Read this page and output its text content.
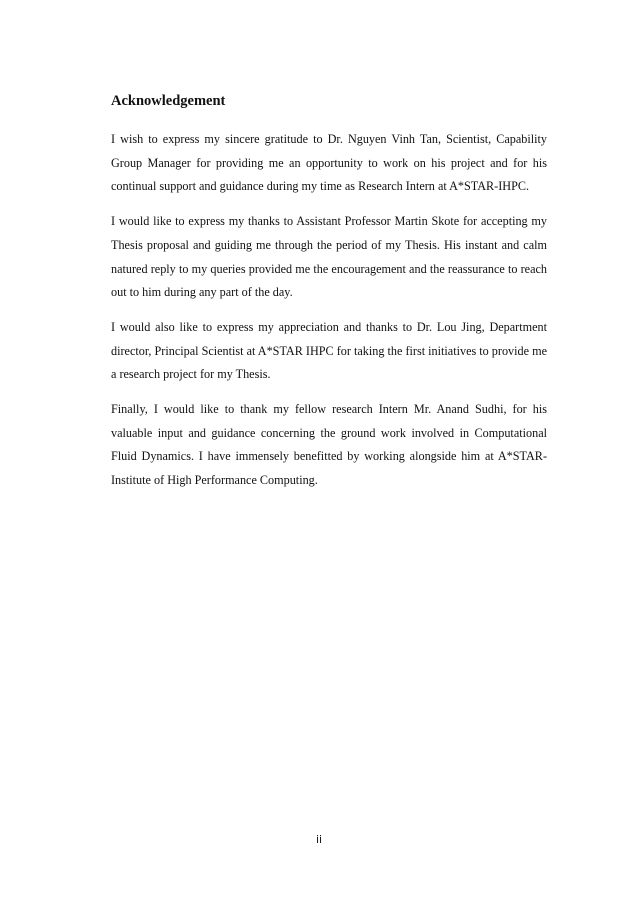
Acknowledgement

I wish to express my sincere gratitude to Dr. Nguyen Vinh Tan, Scientist, Capability Group Manager for providing me an opportunity to work on his project and for his continual support and guidance during my time as Research Intern at A*STAR-IHPC.

I would like to express my thanks to Assistant Professor Martin Skote for accepting my Thesis proposal and guiding me through the period of my Thesis. His instant and calm natured reply to my queries provided me the encouragement and the reassurance to reach out to him during any part of the day.

I would also like to express my appreciation and thanks to Dr. Lou Jing, Department director, Principal Scientist at A*STAR IHPC for taking the first initiatives to provide me a research project for my Thesis.

Finally, I would like to thank my fellow research Intern Mr. Anand Sudhi, for his valuable input and guidance concerning the ground work involved in Computational Fluid Dynamics. I have immensely benefitted by working alongside him at A*STAR-Institute of High Performance Computing.

ii
